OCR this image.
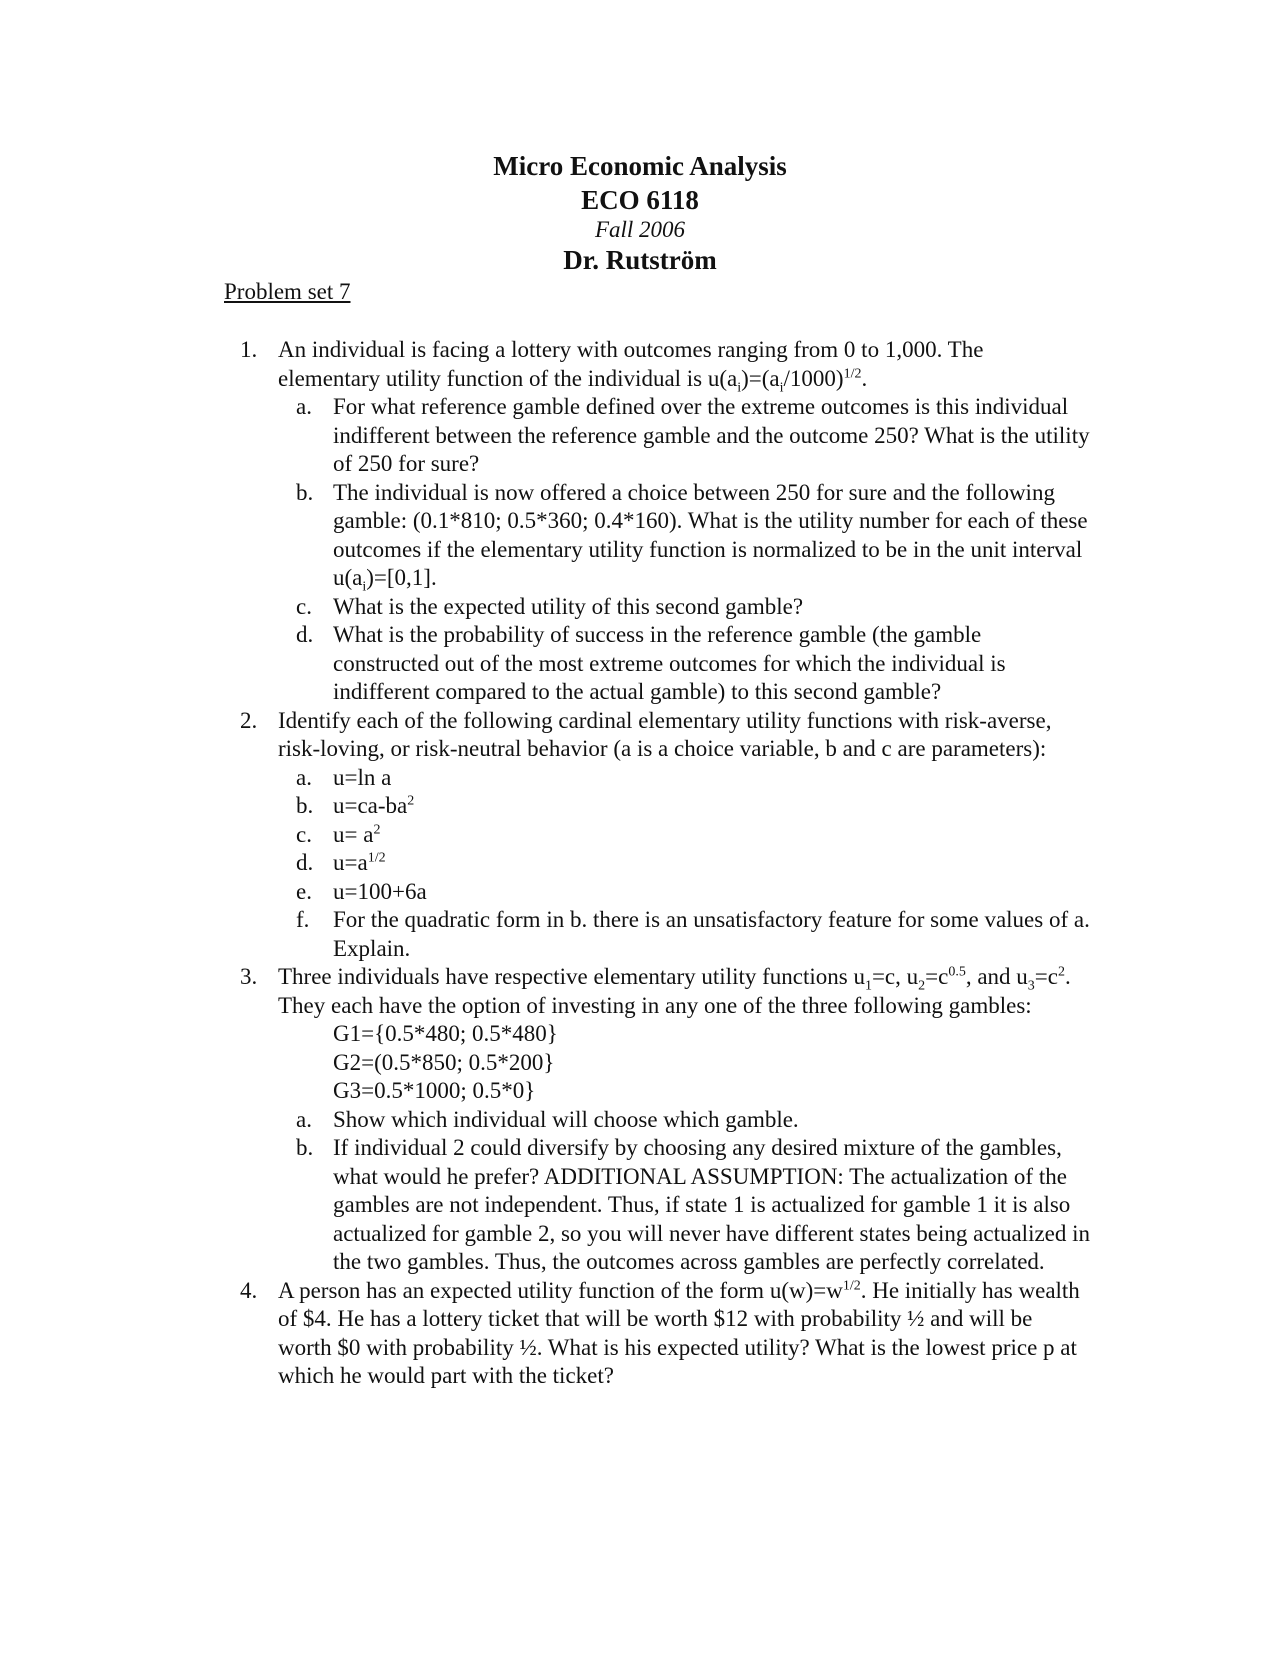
Micro Economic Analysis
ECO 6118
Fall 2006
Dr. Rutström
Problem set 7
1. An individual is facing a lottery with outcomes ranging from 0 to 1,000. The elementary utility function of the individual is $u(a_i)=(a_i/1000)^{1/2}$.
a. For what reference gamble defined over the extreme outcomes is this individual indifferent between the reference gamble and the outcome 250? What is the utility of 250 for sure?
b. The individual is now offered a choice between 250 for sure and the following gamble: (0.1*810; 0.5*360; 0.4*160). What is the utility number for each of these outcomes if the elementary utility function is normalized to be in the unit interval $u(a_i)=[0,1]$.
c. What is the expected utility of this second gamble?
d. What is the probability of success in the reference gamble (the gamble constructed out of the most extreme outcomes for which the individual is indifferent compared to the actual gamble) to this second gamble?
2. Identify each of the following cardinal elementary utility functions with risk-averse, risk-loving, or risk-neutral behavior (a is a choice variable, b and c are parameters):
a. u=ln a
b. $u=ca-ba^2$
c. $u= a^2$
d. $u=a^{1/2}$
e. u=100+6a
f.	For the quadratic form in b. there is an unsatisfactory feature for some values of a. Explain.
3. Three individuals have respective elementary utility functions $u_1=c$, $u_2=c^{0.5}$, and $u_3=c^2$. They each have the option of investing in any one of the three following gambles:
G1={0.5*480; 0.5*480}
G2=(0.5*850; 0.5*200}
G3=0.5*1000; 0.5*0}
a. Show which individual will choose which gamble.
b. If individual 2 could diversify by choosing any desired mixture of the gambles, what would he prefer? ADDITIONAL ASSUMPTION: The actualization of the gambles are not independent. Thus, if state 1 is actualized for gamble 1 it is also actualized for gamble 2, so you will never have different states being actualized in the two gambles. Thus, the outcomes across gambles are perfectly correlated.
4. A person has an expected utility function of the form $u(w)=w^{1/2}$. He initially has wealth of $4. He has a lottery ticket that will be worth $12 with probability ½ and will be worth $0 with probability ½. What is his expected utility? What is the lowest price p at which he would part with the ticket?
